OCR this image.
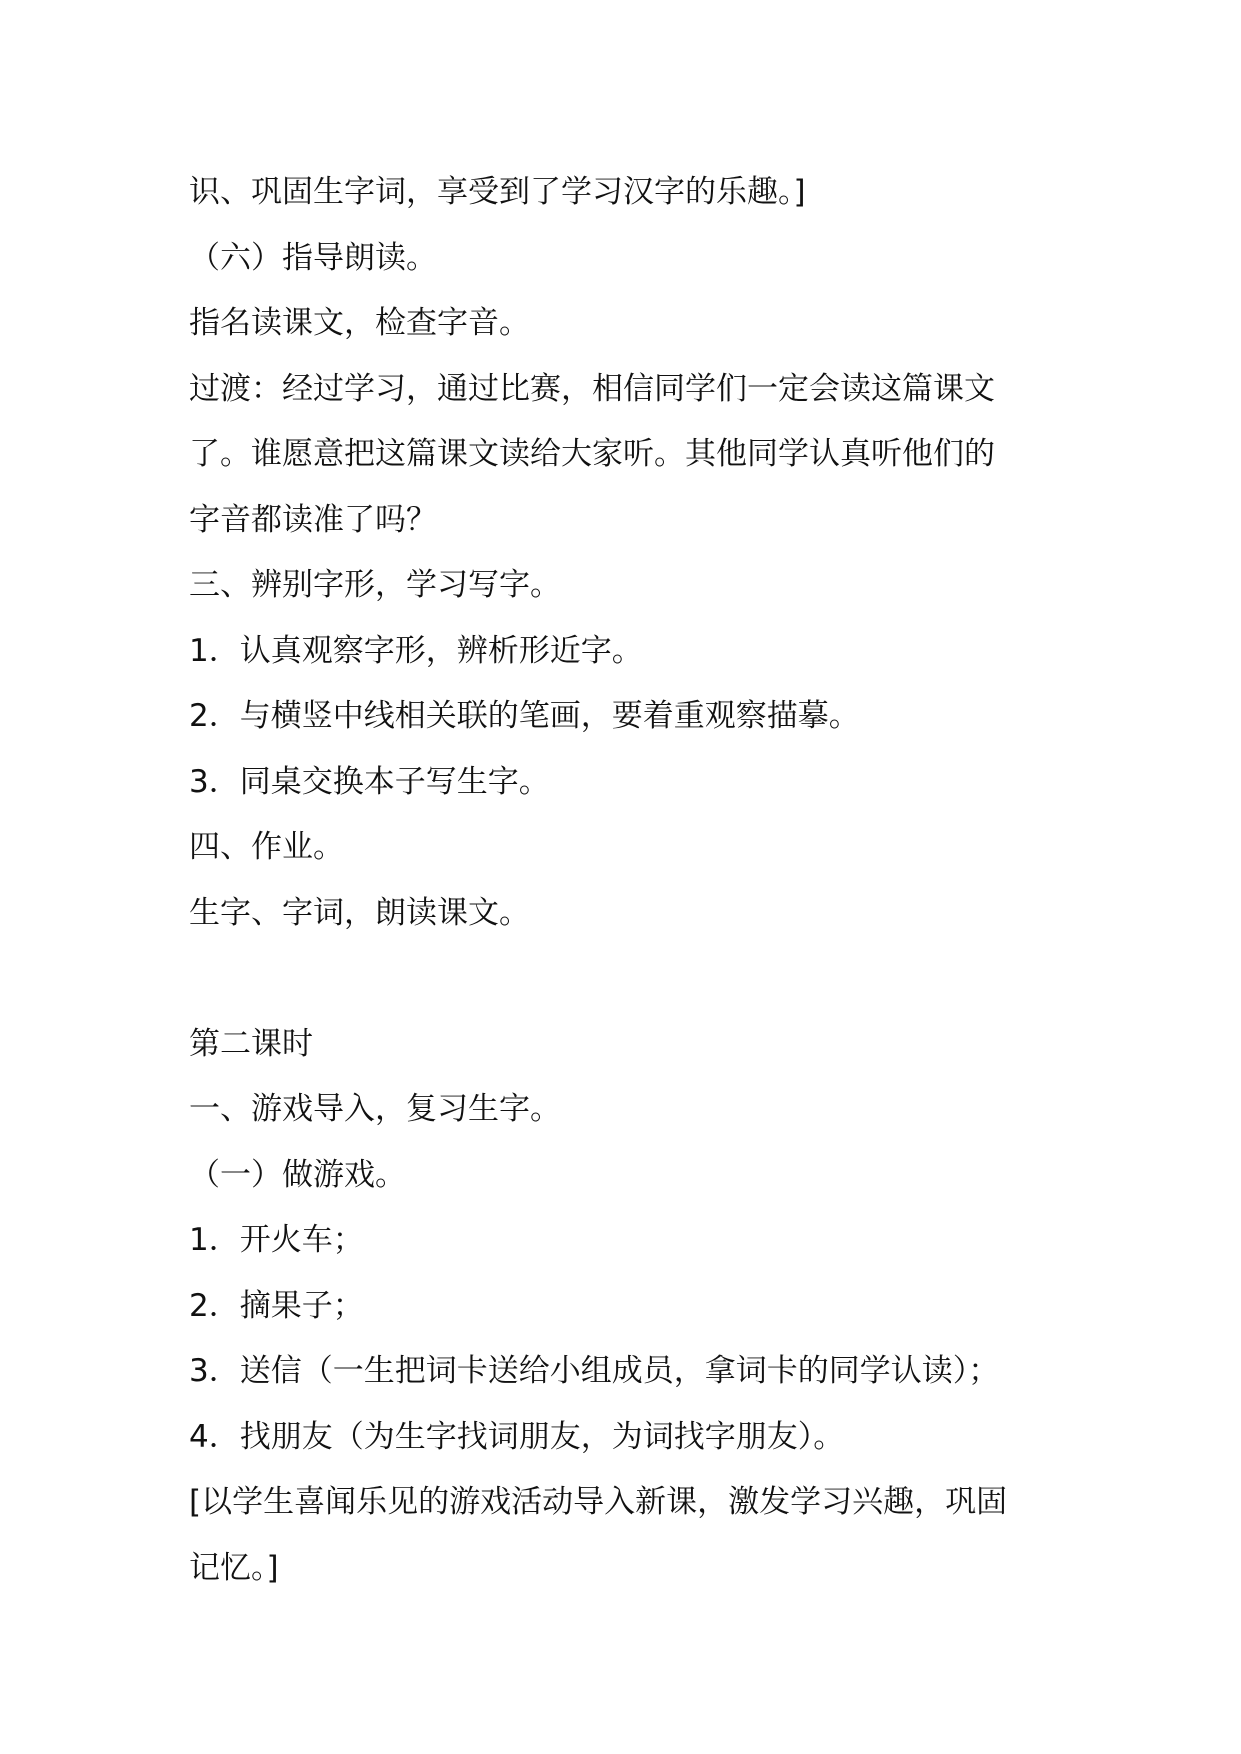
识、巩固生字词，享受到了学习汉字的乐趣。]
（六）指导朗读。
指名读课文，检查字音。
过渡：经过学习，通过比赛，相信同学们一定会读这篇课文
了。谁愿意把这篇课文读给大家听。其他同学认真听他们的
字音都读准了吗？
三、辨别字形，学习写字。
1．认真观察字形，辨析形近字。
2．与横竖中线相关联的笔画，要着重观察描摹。
3．同桌交换本子写生字。
四、作业。
生字、字词，朗读课文。
第二课时
一、游戏导入，复习生字。
（一）做游戏。
1．开火车；
2．摘果子；
3．送信（一生把词卡送给小组成员，拿词卡的同学认读）；
4．找朋友（为生字找词朋友，为词找字朋友）。
[以学生喜闻乐见的游戏活动导入新课，激发学习兴趣，巩固
记忆。]
